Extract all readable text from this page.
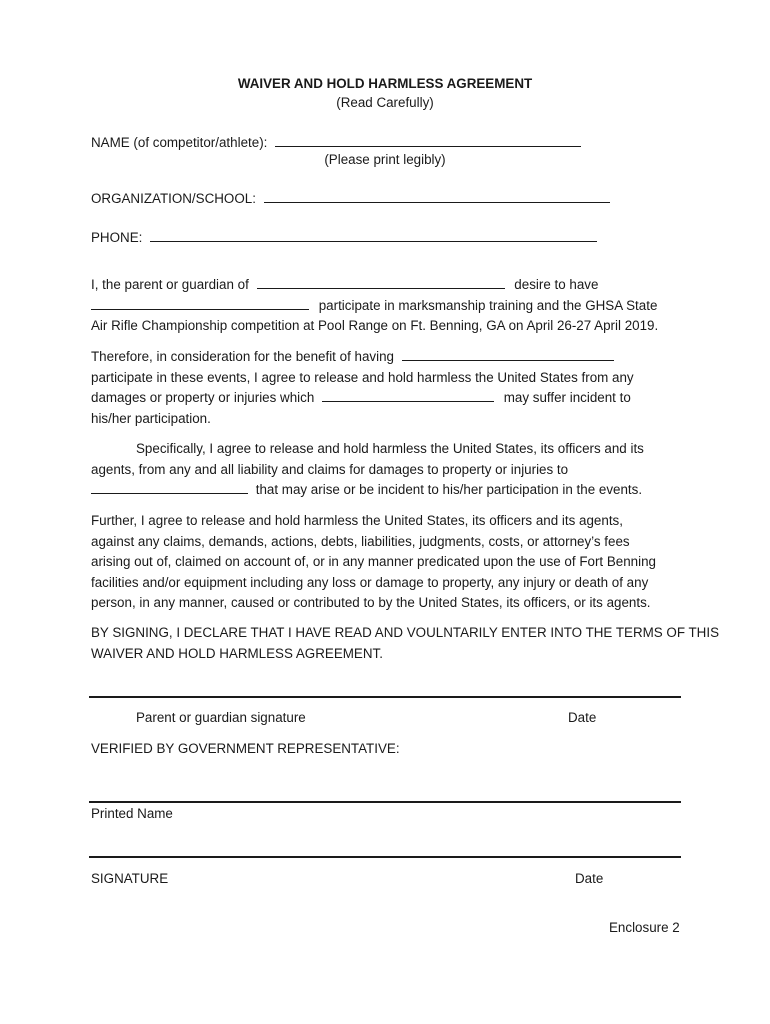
WAIVER AND HOLD HARMLESS AGREEMENT
(Read Carefully)
NAME (of competitor/athlete):
(Please print legibly)
ORGANIZATION/SCHOOL:
PHONE:
I, the parent or guardian of	desire to have
participate in marksmanship training and the GHSA State
Air Rifle Championship competition at Pool Range on Ft. Benning, GA on April 26-27 April 2019.
Therefore, in consideration for the benefit of having
participate in these events, I agree to release and hold harmless the United States from any
damages or property or injuries which	may suffer incident to
his/her participation.
Specifically, I agree to release and hold harmless the United States, its officers and its
agents, from any and all liability and claims for damages to property or injuries to
that may arise or be incident to his/her participation in the events.
Further, I agree to release and hold harmless the United States, its officers and its agents,
against any claims, demands, actions, debts, liabilities, judgments, costs, or attorney’s fees
arising out of, claimed on account of, or in any manner predicated upon the use of Fort Benning
facilities and/or equipment including any loss or damage to property, any injury or death of any
person, in any manner, caused or contributed to by the United States, its officers, or its agents.
BY SIGNING, I DECLARE THAT I HAVE READ AND VOULNTARILY ENTER INTO THE TERMS OF THIS
WAIVER AND HOLD HARMLESS AGREEMENT.
Parent or guardian signature	Date
VERIFIED BY GOVERNMENT REPRESENTATIVE:
Printed Name
SIGNATURE	Date
Enclosure 2
